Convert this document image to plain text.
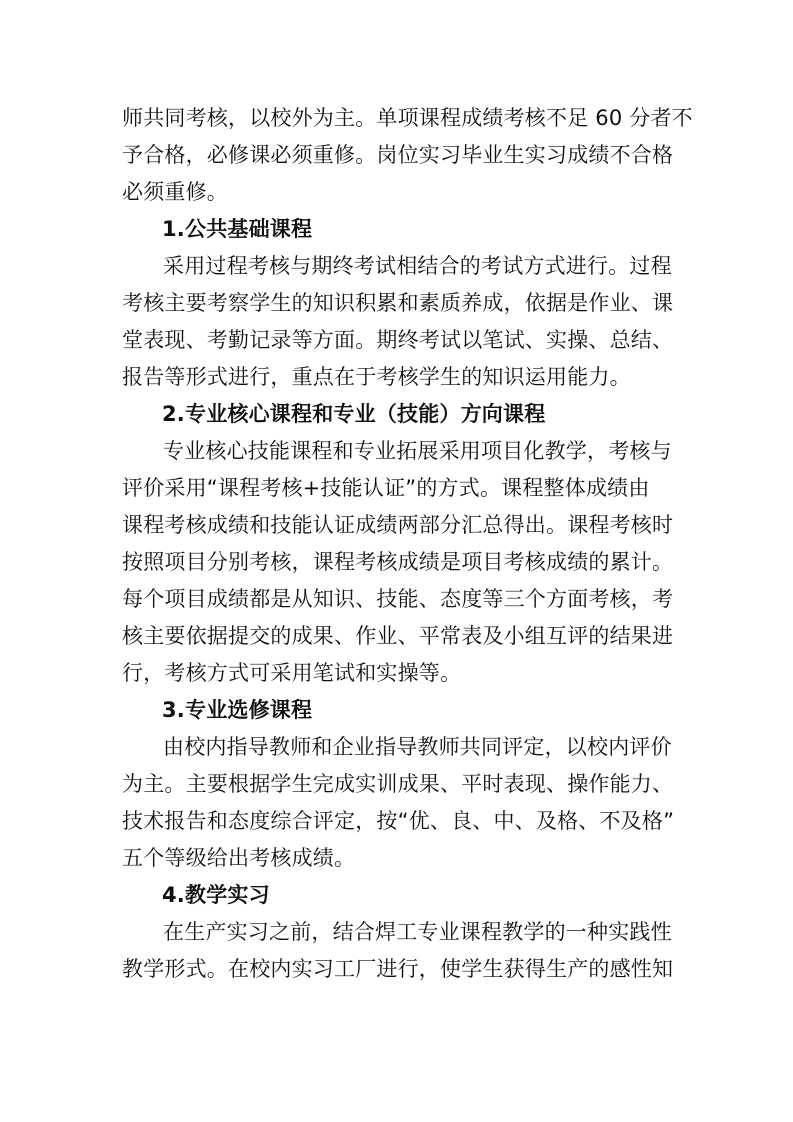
师共同考核，以校外为主。单项课程成绩考核不足 60 分者不
予合格，必修课必须重修。岗位实习毕业生实习成绩不合格
必须重修。
1.公共基础课程
采用过程考核与期终考试相结合的考试方式进行。过程
考核主要考察学生的知识积累和素质养成，依据是作业、课
堂表现、考勤记录等方面。期终考试以笔试、实操、总结、
报告等形式进行，重点在于考核学生的知识运用能力。
2.专业核心课程和专业（技能）方向课程
专业核心技能课程和专业拓展采用项目化教学，考核与
评价采用“课程考核+技能认证”的方式。课程整体成绩由
课程考核成绩和技能认证成绩两部分汇总得出。课程考核时
按照项目分别考核，课程考核成绩是项目考核成绩的累计。
每个项目成绩都是从知识、技能、态度等三个方面考核，考
核主要依据提交的成果、作业、平常表及小组互评的结果进
行，考核方式可采用笔试和实操等。
3.专业选修课程
由校内指导教师和企业指导教师共同评定，以校内评价
为主。主要根据学生完成实训成果、平时表现、操作能力、
技术报告和态度综合评定，按“优、良、中、及格、不及格”
五个等级给出考核成绩。
4.教学实习
在生产实习之前，结合焊工专业课程教学的一种实践性
教学形式。在校内实习工厂进行，使学生获得生产的感性知
